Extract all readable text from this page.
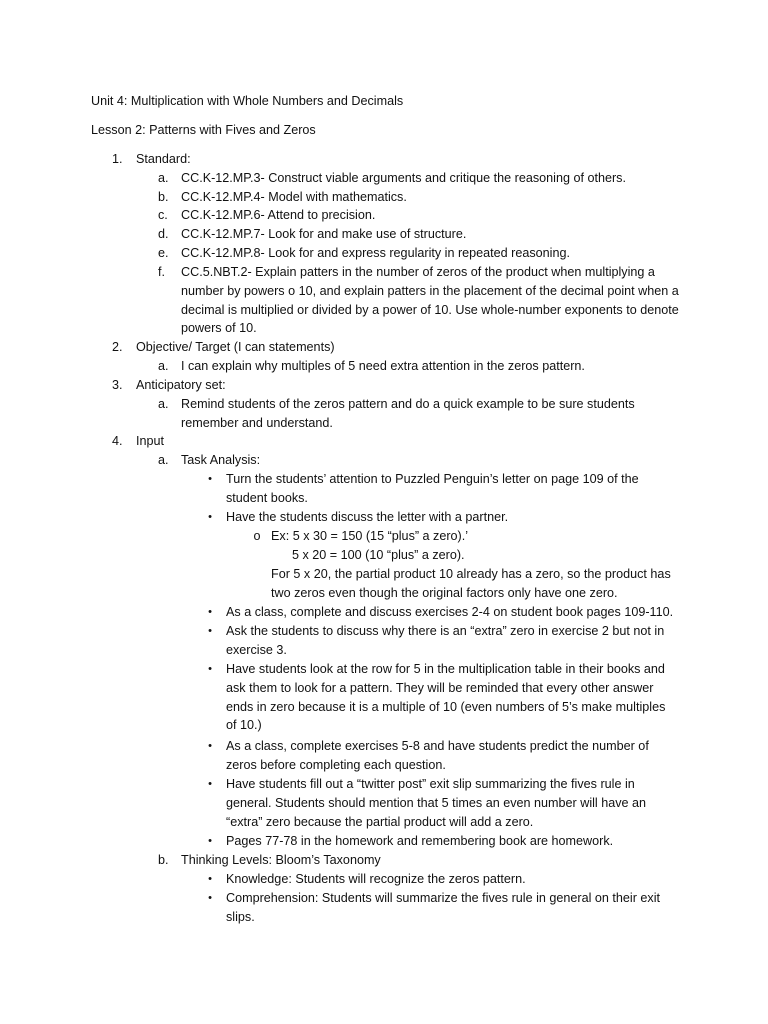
Unit 4: Multiplication with Whole Numbers and Decimals
Lesson 2: Patterns with Fives and Zeros
1.	Standard:
a. CC.K-12.MP.3- Construct viable arguments and critique the reasoning of others.
b. CC.K-12.MP.4- Model with mathematics.
c.	CC.K-12.MP.6- Attend to precision.
d. CC.K-12.MP.7- Look for and make use of structure.
e. CC.K-12.MP.8- Look for and express regularity in repeated reasoning.
f.	CC.5.NBT.2- Explain patters in the number of zeros of the product when multiplying a number by powers o 10, and explain patters in the placement of the decimal point when a decimal is multiplied or divided by a power of 10. Use whole-number exponents to denote powers of 10.
2.	Objective/ Target (I can statements)
a. I can explain why multiples of 5 need extra attention in the zeros pattern.
3.	Anticipatory set:
a. Remind students of the zeros pattern and do a quick example to be sure students remember and understand.
4.	Input
a. Task Analysis:
•	Turn the students’ attention to Puzzled Penguin’s letter on page 109 of the student books.
•	Have the students discuss the letter with a partner.
o Ex: 5 x 30 = 150 (15 “plus” a zero).’
5 x 20 = 100 (10 “plus” a zero).
For 5 x 20, the partial product 10 already has a zero, so the product has two zeros even though the original factors only have one zero.
•	As a class, complete and discuss exercises 2-4 on student book pages 109-110.
•	Ask the students to discuss why there is an “extra” zero in exercise 2 but not in exercise 3.
•	Have students look at the row for 5 in the multiplication table in their books and ask them to look for a pattern. They will be reminded that every other answer ends in zero because it is a multiple of 10 (even numbers of 5’s make multiples of 10.)
•	As a class, complete exercises 5-8 and have students predict the number of zeros before completing each question.
•	Have students fill out a “twitter post” exit slip summarizing the fives rule in general. Students should mention that 5 times an even number will have an “extra” zero because the partial product will add a zero.
•	Pages 77-78 in the homework and remembering book are homework.
b. Thinking Levels: Bloom’s Taxonomy
•	Knowledge: Students will recognize the zeros pattern.
•	Comprehension: Students will summarize the fives rule in general on their exit slips.
